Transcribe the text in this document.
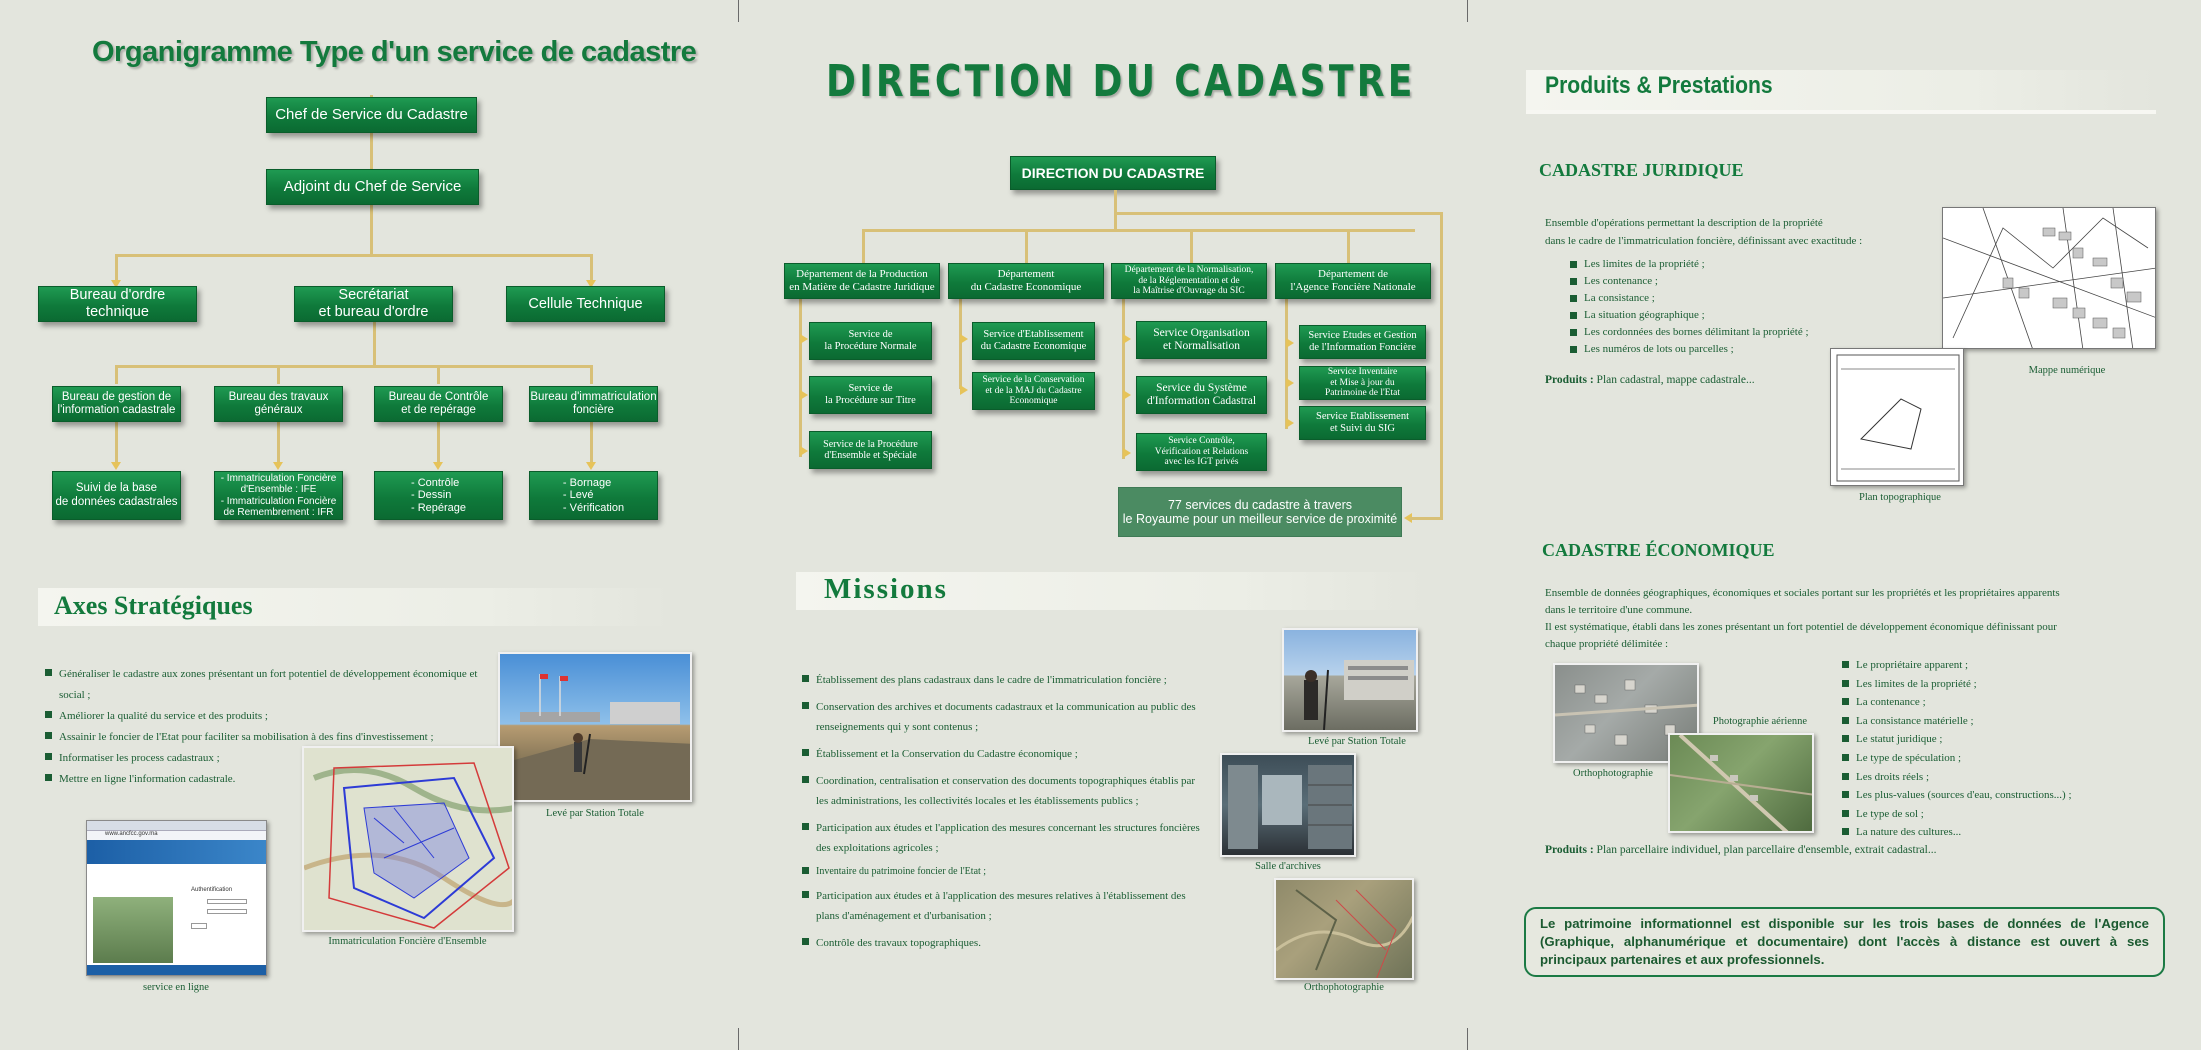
Organigramme Type d'un service de cadastre
Chef de Service du Cadastre
Adjoint du Chef de Service
Bureau d'ordre
technique
Secrétariat
et bureau d'ordre
Cellule Technique
Bureau de gestion de
l'information cadastrale
Bureau des travaux
généraux
Bureau de Contrôle
et de repérage
Bureau d'immatriculation
foncière
Suivi de la base
de données cadastrales
- Immatriculation Foncière
d'Ensemble : IFE
- Immatriculation Foncière
de Remembrement : IFR
- Contrôle
- Dessin
- Repérage
- Bornage
- Levé
- Vérification
Axes Stratégiques
Généraliser le cadastre aux zones présentant un fort potentiel de développement économique et social ;
Améliorer la qualité du service et des produits ;
Assainir le foncier de l'Etat pour faciliter sa mobilisation à des fins d'investissement ;
Informatiser les process cadastraux ;
Mettre en ligne l'information cadastrale.
Levé par Station Totale
Immatriculation Foncière d'Ensemble
www.ancfcc.gov.ma
Authentification
service en ligne
DIRECTION DU CADASTRE
DIRECTION DU CADASTRE
Département de la Production
en Matière de Cadastre Juridique
Département
du Cadastre Economique
Département de la Normalisation,
de la Réglementation et de
la Maîtrise d'Ouvrage du SIC
Département de
l'Agence Foncière Nationale
Service de
la Procédure Normale
Service de
la Procédure sur Titre
Service de la Procédure
d'Ensemble et Spéciale
Service d'Etablissement
du Cadastre Economique
Service de la Conservation
et de la MAJ du Cadastre
Economique
Service Organisation
et Normalisation
Service du Système
d'Information Cadastral
Service Contrôle,
Vérification et Relations
avec les IGT privés
Service Etudes et Gestion
de l'Information Foncière
Service Inventaire
et Mise à jour du
Patrimoine de l'Etat
Service Etablissement
et Suivi du SIG
77 services du cadastre à travers
le Royaume pour un meilleur service de proximité
Missions
Établissement des plans cadastraux dans le cadre de l'immatriculation foncière ;
Conservation des archives et documents cadastraux et la communication au public des renseignements qui y sont contenus ;
Établissement et la Conservation du Cadastre économique ;
Coordination, centralisation et conservation des documents topographiques établis par les administrations, les collectivités locales et les établissements publics ;
Participation aux études et l'application des mesures concernant les structures foncières des exploitations agricoles ;
Inventaire du patrimoine foncier de l'Etat ;
Participation aux études et à l'application des mesures relatives à l'établissement des plans d'aménagement et d'urbanisation ;
Contrôle des travaux topographiques.
Levé par Station Totale
Salle d'archives
Orthophotographie
Produits & Prestations
CADASTRE JURIDIQUE
Ensemble d'opérations permettant la description de la propriété
dans le cadre de l'immatriculation foncière, définissant avec exactitude :
Les limites de la propriété ;
Les contenance ;
La consistance ;
La situation géographique ;
Les cordonnées des bornes délimitant la propriété ;
Les numéros de lots ou parcelles ;
Produits : Plan cadastral, mappe cadastrale...
Mappe numérique
Plan topographique
CADASTRE ÉCONOMIQUE
Ensemble de données géographiques, économiques et sociales portant sur les propriétés et les propriétaires apparents
dans le territoire d'une commune.
Il est systématique, établi dans les zones présentant un fort potentiel de développement économique définissant pour
chaque propriété délimitée :
Le propriétaire apparent ;
Les limites de la propriété ;
La contenance ;
La consistance matérielle ;
Le statut juridique ;
Le type de spéculation ;
Les droits réels ;
Les plus-values (sources d'eau, constructions...) ;
Le type de sol ;
La nature des cultures...
Orthophotographie
Photographie aérienne
Produits : Plan parcellaire individuel, plan parcellaire d'ensemble, extrait cadastral...
Le patrimoine informationnel est disponible sur les trois bases de données de l'Agence (Graphique, alphanumérique et documentaire) dont l'accès à distance est ouvert à ses principaux partenaires et aux professionnels.
